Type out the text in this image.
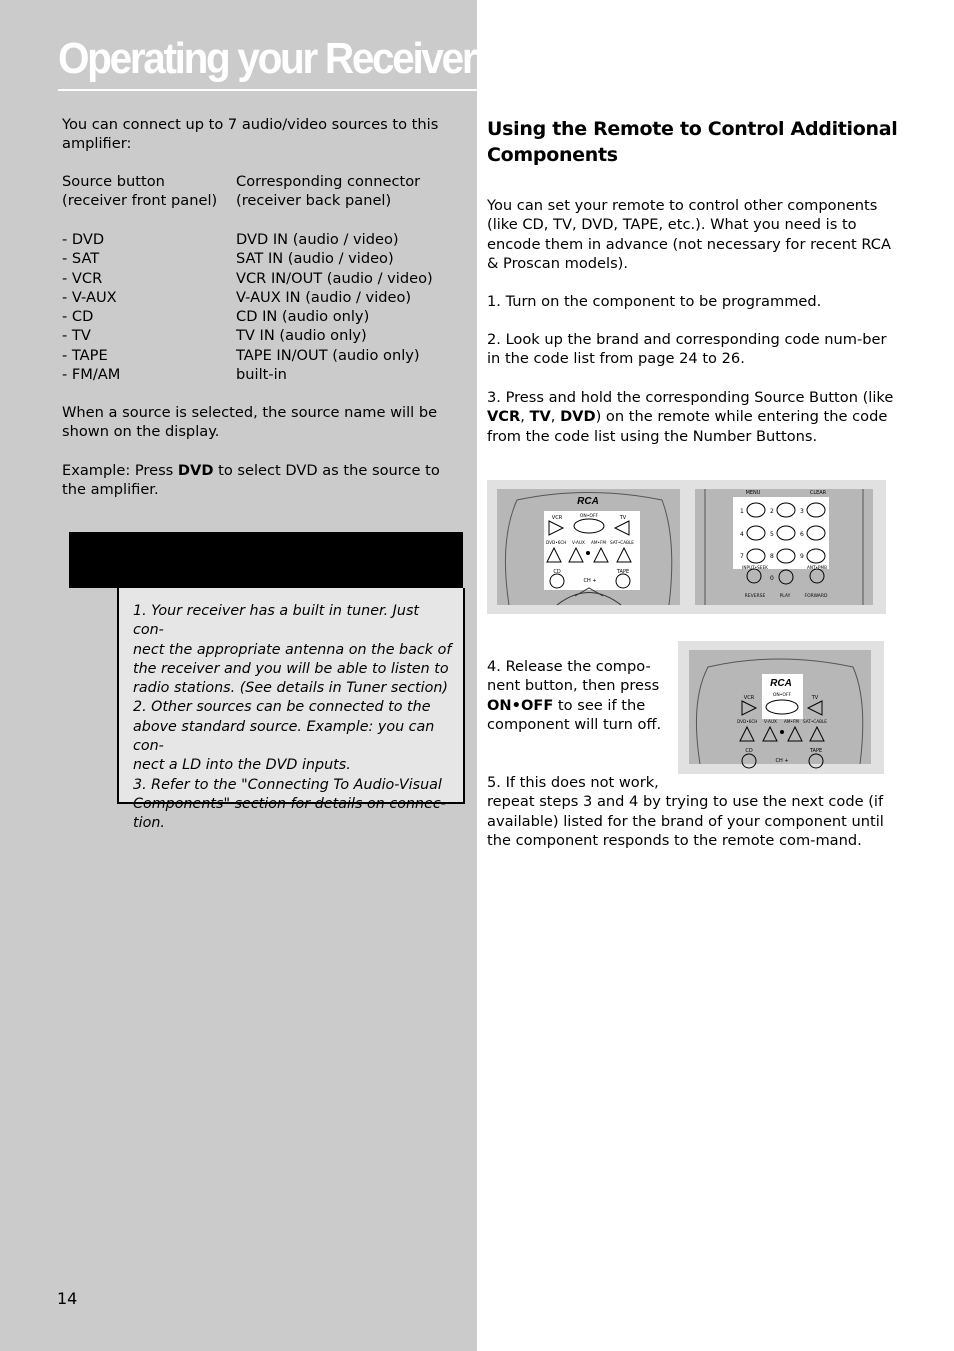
Operating your Receiver
You can connect up to 7 audio/video sources to this amplifier:
Source button	Corresponding connector
(receiver front panel) (receiver back panel)
- DVD	DVD IN (audio / video)
- SAT	SAT IN (audio / video)
- VCR	VCR IN/OUT (audio / video)
- V-AUX	V-AUX IN (audio / video)
- CD	CD IN (audio only)
- TV	TV IN (audio only)
- TAPE	TAPE IN/OUT (audio only)
- FM/AM	built-in
When a source is selected, the source name will be shown on the display.
Example: Press DVD to select DVD as the source to the amplifier.
1. Your receiver has a built in tuner. Just con-
nect the appropriate antenna on the back of
the receiver and you will be able to listen to
radio stations. (See details in Tuner section)
2. Other sources can be connected to the
above standard source. Example: you can con-
nect a LD into the DVD inputs.
3. Refer to the "Connecting To Audio-Visual
Components" section for details on connec-
tion.
14
Using the Remote to Control Additional
Components
You can set your remote to control other components (like CD, TV, DVD, TAPE, etc.). What you need is to encode them in advance (not necessary for recent RCA & Proscan models).
1. Turn on the component to be programmed.
2. Look up the brand and corresponding code num-ber in the code list from page 24 to 26.
3. Press and hold the corresponding Source Button (like VCR, TV, DVD) on the remote while entering the code from the code list using the Number Buttons.
RCA
VCR	ON•OFF	TV
DVD•6CH V-AUX AM•FM SAT•CABLE
CD	TAPE
CH +
MENU	CLEAR
1	2	3
4	5	6
7	8	9
0
INPUT•SEEK	ANT•PMB
REVERSE	PLAY	FORWARD
4. Release the compo-nent button, then press ON•OFF to see if the component will turn off.
RCA
VCR	ON•OFF	TV
DVD•6CH V-AUX AM•FM SAT•CABLE
CD	TAPE
CH +
5. If this does not work,
repeat steps 3 and 4 by trying to use the next code (if available) listed for the brand of your component until the component responds to the remote com-mand.
